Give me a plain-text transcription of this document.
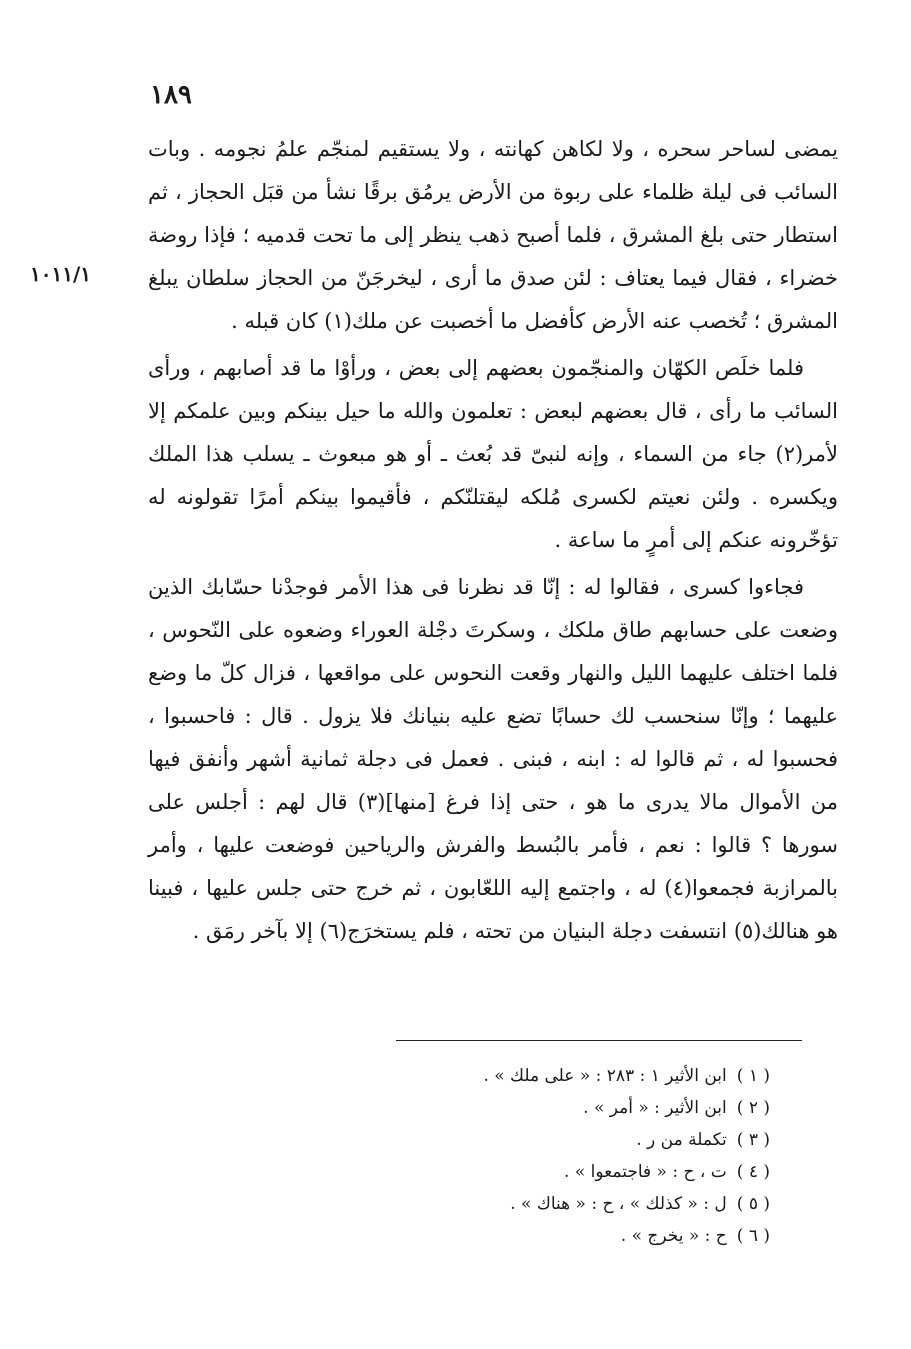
١٨٩
١٠١١/١

يمضى لساحر سحره ، ولا لكاهن كهانته ، ولا يستقيم لمنجّم علمُ نجومه . وبات السائب فى ليلة ظلماء على ربوة من الأرض يرمُق برقًا نشأ من قبَل الحجاز ، ثم استطار حتى بلغ المشرق ، فلما أصبح ذهب ينظر إلى ما تحت قدميه ؛ فإذا روضة خضراء ، فقال فيما يعتاف : لئن صدق ما أرى ، ليخرجَنّ من الحجاز سلطان يبلغ المشرق ؛ تُخصب عنه الأرض كأفضل ما أخصبت عن ملك(١) كان قبله .

فلما خلَص الكهّان والمنجّمون بعضهم إلى بعض ، ورأوْا ما قد أصابهم ، ورأى السائب ما رأى ، قال بعضهم لبعض : تعلمون والله ما حيل بينكم وبين علمكم إلا لأمر(٢) جاء من السماء ، وإنه لنبىّ قد بُعث ـ أو هو مبعوث ـ يسلب هذا الملك ويكسره . ولئن نعيتم لكسرى مُلكه ليقتلنّكم ، فأقيموا بينكم أمرًا تقولونه له تؤخّرونه عنكم إلى أمرٍ ما ساعة .

فجاءوا كسرى ، فقالوا له : إنّا قد نظرنا فى هذا الأمر فوجدْنا حسّابك الذين وضعت على حسابهم طاق ملكك ، وسكرتَ دجْلة العوراء وضعوه على النّحوس ، فلما اختلف عليهما الليل والنهار وقعت النحوس على مواقعها ، فزال كلّ ما وضع عليهما ؛ وإنّا سنحسب لك حسابًا تضع عليه بنيانك فلا يزول . قال : فاحسبوا ، فحسبوا له ، ثم قالوا له : ابنه ، فبنى . فعمل فى دجلة ثمانية أشهر وأنفق فيها من الأموال مالا يدرى ما هو ، حتى إذا فرغ [منها](٣) قال لهم : أجلس على سورها ؟ قالوا : نعم ، فأمر بالبُسط والفرش والرياحين فوضعت عليها ، وأمر بالمرازبة فجمعوا(٤) له ، واجتمع إليه اللعّابون ، ثم خرج حتى جلس عليها ، فبينا هو هنالك(٥) انتسفت دجلة البنيان من تحته ، فلم يستخرَج(٦) إلا بآخر رمَق .

( ١ )
ابن الأثير ١ : ٢٨٣ : « على ملك » .
( ٢ )
ابن الأثير : « أمر » .
( ٣ )
تكملة من ر .
( ٤ )
ت ، ح : « فاجتمعوا » .
( ٥ )
ل : « كذلك » ، ح : « هناك » .
( ٦ )
ح : « يخرج » .
